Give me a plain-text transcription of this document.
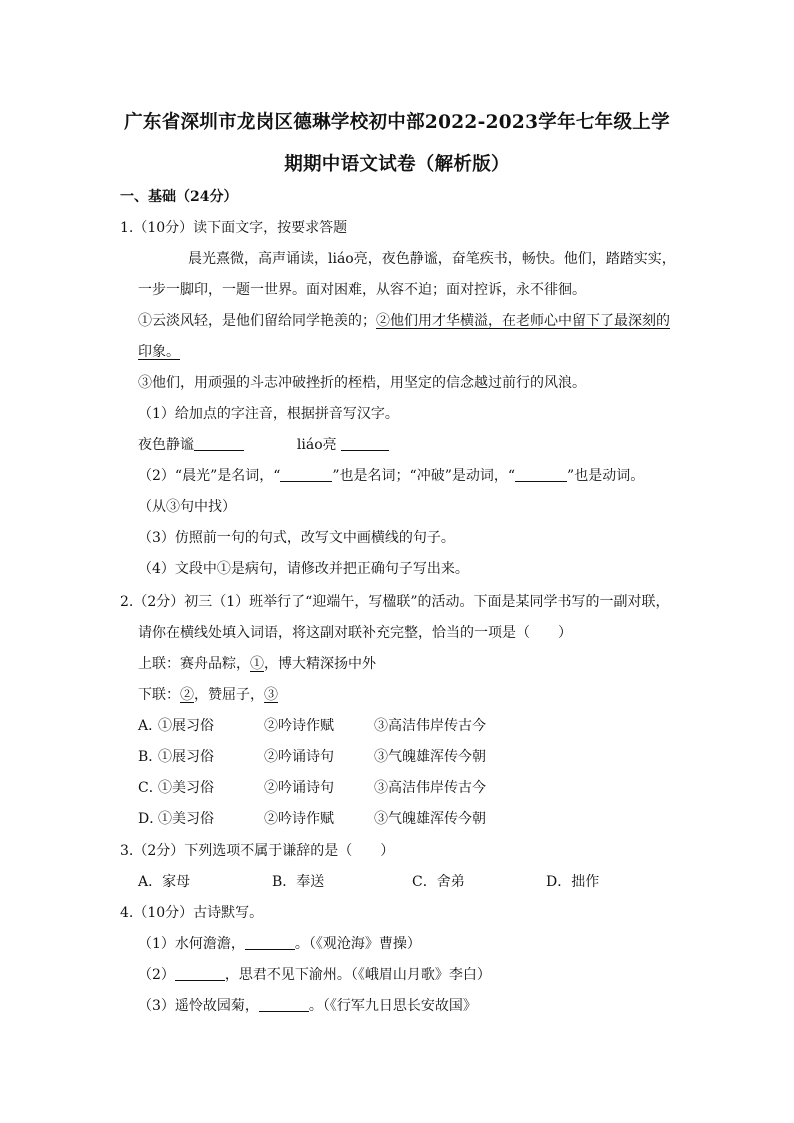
广东省深圳市龙岗区德琳学校初中部2022-2023学年七年级上学
期期中语文试卷（解析版）
一、基础（24分）
1.（10分）读下面文字，按要求答题
晨光熹微，高声诵读，liáo亮，夜色静谧，奋笔疾书，畅快。他们，踏踏实实，
一步一脚印，一题一世界。面对困难，从容不迫；面对控诉，永不徘徊。
①云淡风轻，是他们留给同学艳羡的；②他们用才华横溢，在老师心中留下了最深刻的
印象。
③他们，用顽强的斗志冲破挫折的桎梏，用坚定的信念越过前行的风浪。
（1）给加点的字注音，根据拼音写汉字。
夜色静谧	liáo亮
（2）“晨光”是名词，“	”也是名词；“冲破”是动词，“	”也是动词。
（从③句中找）
（3）仿照前一句的句式，改写文中画横线的句子。
（4）文段中①是病句，请修改并把正确句子写出来。
2.（2分）初三（1）班举行了“迎端午，写楹联”的活动。下面是某同学书写的一副对联，
请你在横线处填入词语，将这副对联补充完整，恰当的一项是（　　）
上联：赛舟品粽，①，博大精深扬中外
下联：②，赞屈子，③
A．
①展习俗	②吟诗作赋	③高洁伟岸传古今
B．
①展习俗	②吟诵诗句	③气魄雄浑传今朝
C．
①美习俗	②吟诵诗句	③高洁伟岸传古今
D．
①美习俗	②吟诗作赋	③气魄雄浑传今朝
3.（2分）下列选项不属于谦辞的是（　　）
A．家母	B．奉送	C．舍弟	D．拙作
4.（10分）古诗默写。
（1）水何澹澹，	。（《观沧海》曹操）
（2）	，思君不见下渝州。（《峨眉山月歌》李白）
（3）遥怜故园菊，	。（《行军九日思长安故国》
